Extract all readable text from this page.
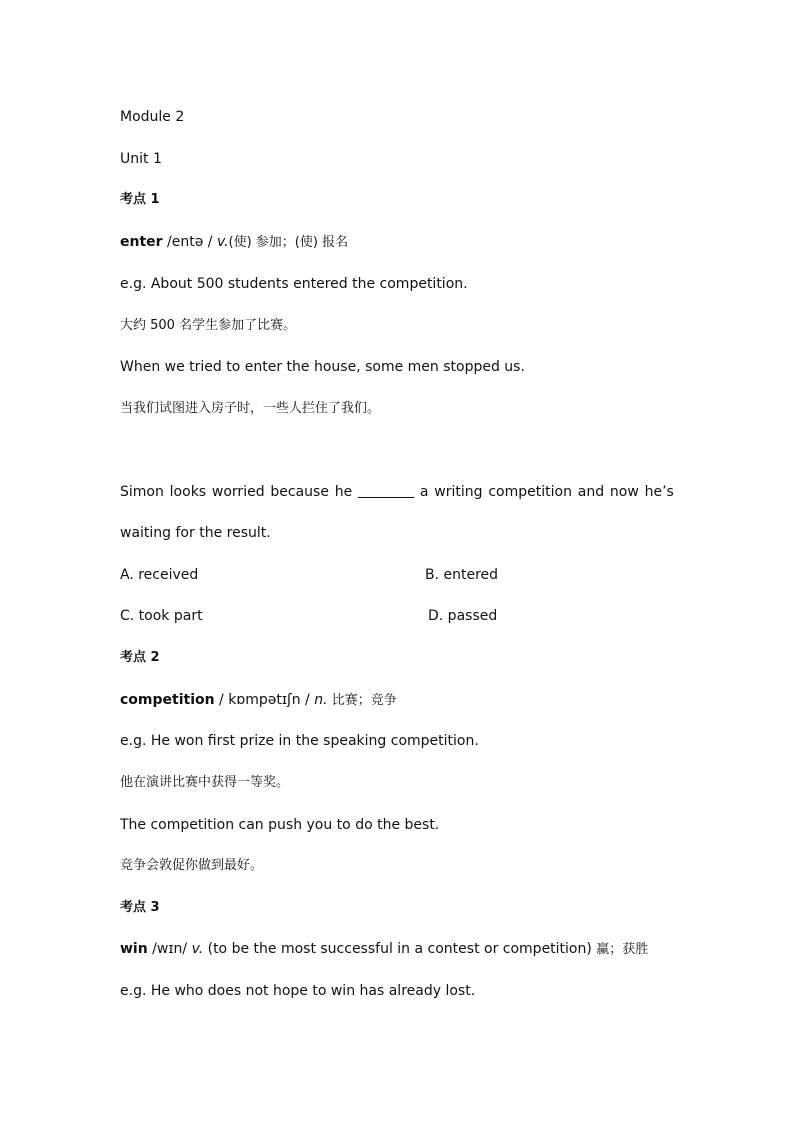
Module 2
Unit 1
考点 1
enter /entə / v.(使) 参加；(使) 报名
e.g. About 500 students entered the competition.
大约 500 名学生参加了比赛。
When we tried to enter the house, some men stopped us.
当我们试图进入房子时，一些人拦住了我们。
Simon looks worried because he	a writing competition and now he’s
waiting for the result.
A. received	B. entered
C. took part	D. passed
考点 2
competition / kɒmpətɪʃn / n. 比赛；竞争
e.g. He won first prize in the speaking competition.
他在演讲比赛中获得一等奖。
The competition can push you to do the best.
竞争会敦促你做到最好。
考点 3
win /wɪn/ v. (to be the most successful in a contest or competition) 赢；获胜
e.g. He who does not hope to win has already lost.
